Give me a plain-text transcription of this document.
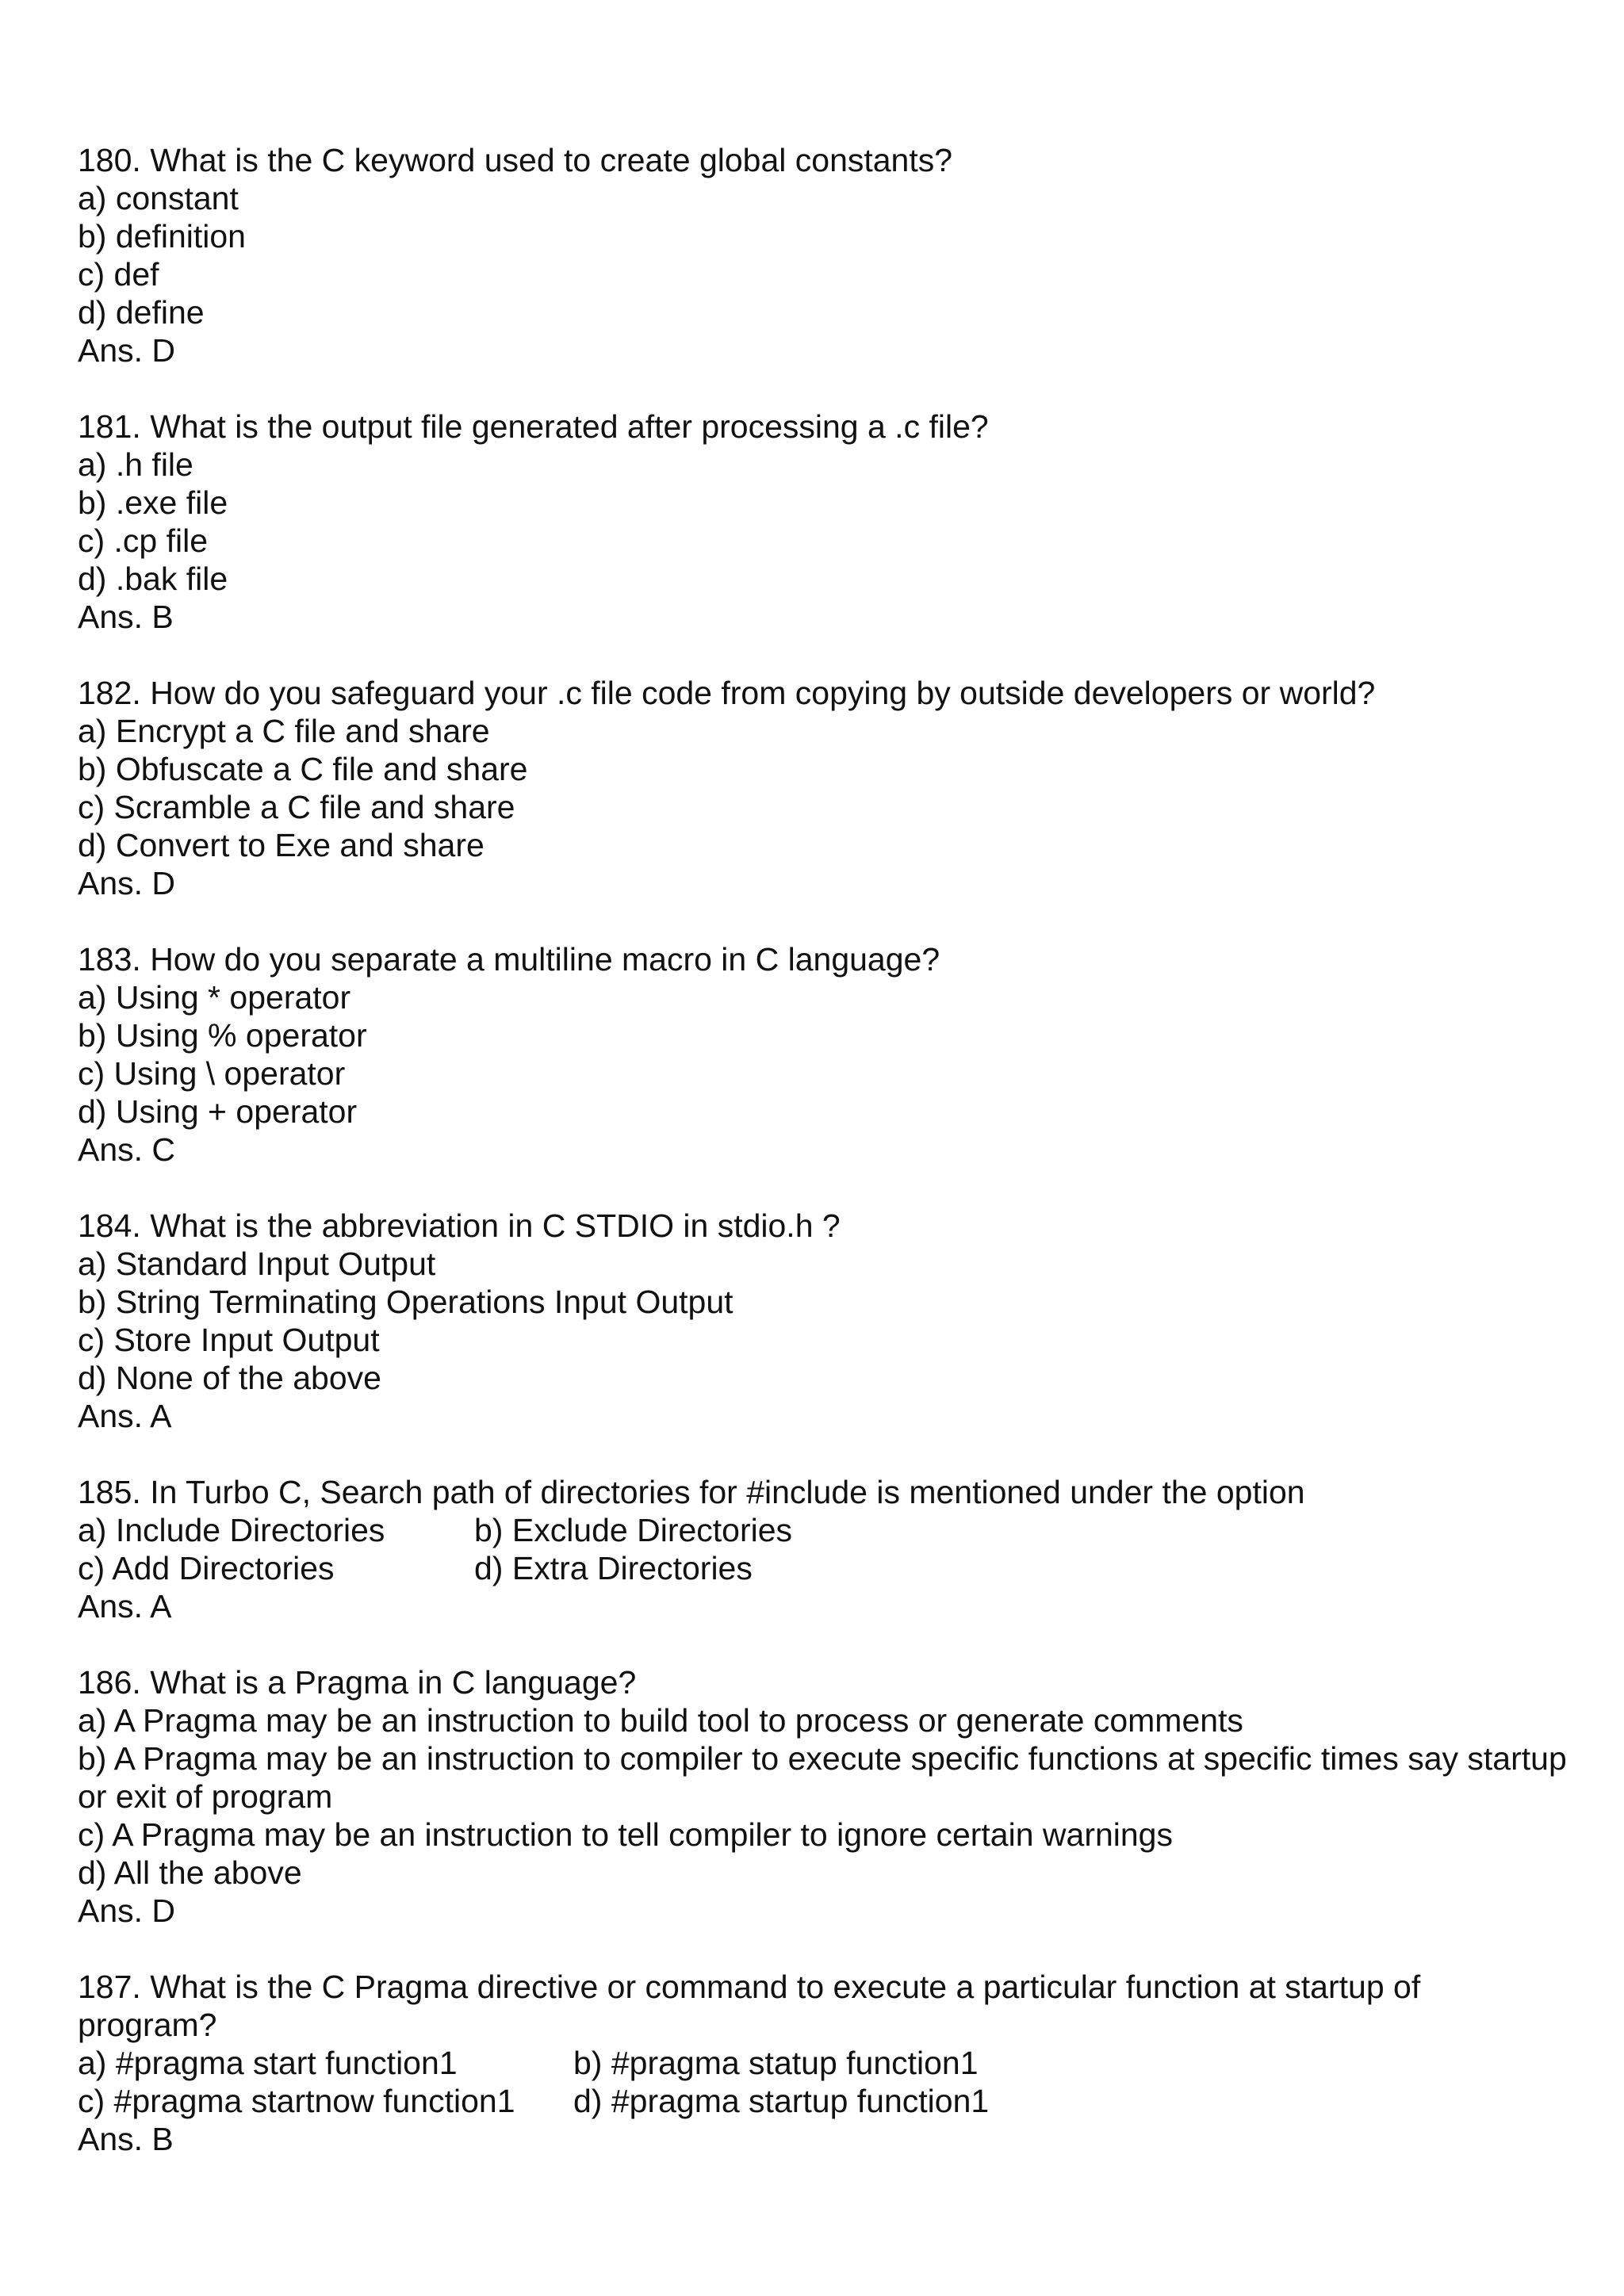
180. What is the C keyword used to create global constants?
a) constant
b) definition
c) def
d) define
Ans. D
181. What is the output file generated after processing a .c file?
a) .h file
b) .exe file
c) .cp file
d) .bak file
Ans. B
182. How do you safeguard your .c file code from copying by outside developers or world?
a) Encrypt a C file and share
b) Obfuscate a C file and share
c) Scramble a C file and share
d) Convert to Exe and share
Ans. D
183. How do you separate a multiline macro in C language?
a) Using * operator
b) Using % operator
c) Using \ operator
d) Using + operator
Ans. C
184. What is the abbreviation in C STDIO in stdio.h ?
a) Standard Input Output
b) String Terminating Operations Input Output
c) Store Input Output
d) None of the above
Ans. A
185. In Turbo C, Search path of directories for #include is mentioned under the option
a) Include Directories	b) Exclude Directories
c) Add Directories	d) Extra Directories
Ans. A
186. What is a Pragma in C language?
a) A Pragma may be an instruction to build tool to process or generate comments
b) A Pragma may be an instruction to compiler to execute specific functions at specific times say startup or exit of program
c) A Pragma may be an instruction to tell compiler to ignore certain warnings
d) All the above
Ans. D
187. What is the C Pragma directive or command to execute a particular function at startup of program?
a) #pragma start function1	b) #pragma statup function1
c) #pragma startnow function1	d) #pragma startup function1
Ans. B
